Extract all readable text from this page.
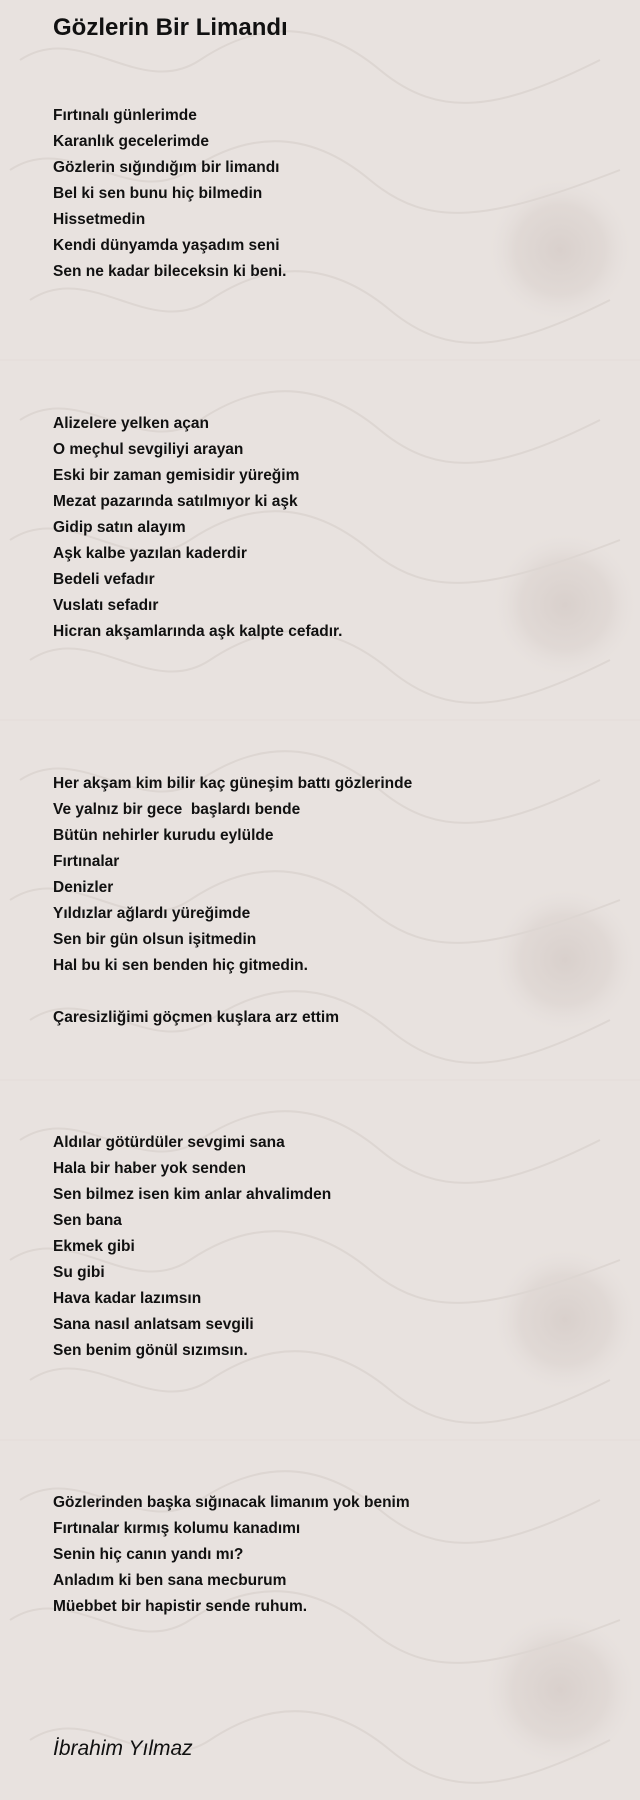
Gözlerin Bir Limandı
Fırtınalı günlerimde
Karanlık gecelerimde
Gözlerin sığındığım bir limandı
Bel ki sen bunu hiç bilmedin
Hissetmedin
Kendi dünyamda yaşadım seni
Sen ne kadar bileceksin ki beni.
Alizelere yelken açan
O meçhul sevgiliyi arayan
Eski bir zaman gemisidir yüreğim
Mezat pazarında satılmıyor ki aşk
Gidip satın alayım
Aşk kalbe yazılan kaderdir
Bedeli vefadır
Vuslatı sefadır
Hicran akşamlarında aşk kalpte cefadır.
Her akşam kim bilir kaç güneşim battı gözlerinde
Ve yalnız bir gece  başlardı bende
Bütün nehirler kurudu eylülde
Fırtınalar
Denizler
Yıldızlar ağlardı yüreğimde
Sen bir gün olsun işitmedin
Hal bu ki sen benden hiç gitmedin.
Çaresizliğimi göçmen kuşlara arz ettim
Aldılar götürdüler sevgimi sana
Hala bir haber yok senden
Sen bilmez isen kim anlar ahvalimden
Sen bana
Ekmek gibi
Su gibi
Hava kadar lazımsın
Sana nasıl anlatsam sevgili
Sen benim gönül sızımsın.
Gözlerinden başka sığınacak limanım yok benim
Fırtınalar kırmış kolumu kanadımı
Senin hiç canın yandı mı?
Anladım ki ben sana mecburum
Müebbet bir hapistir sende ruhum.
İbrahim Yılmaz
